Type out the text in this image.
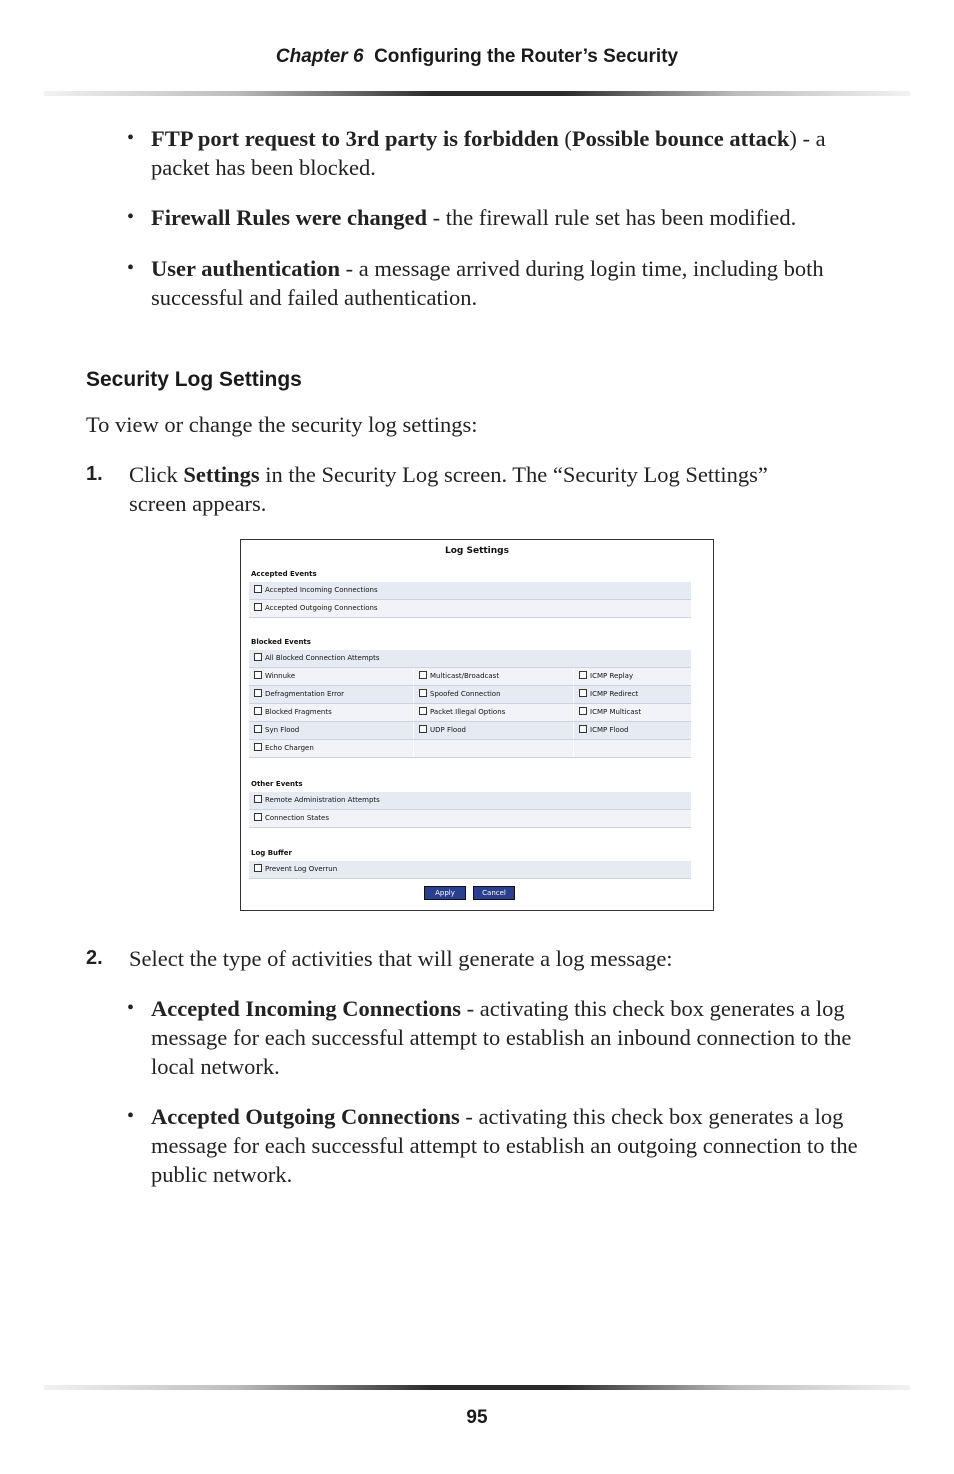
Chapter 6 Configuring the Router’s Security
• FTP port request to 3rd party is forbidden (Possible bounce attack) - a packet has been blocked.
• Firewall Rules were changed - the firewall rule set has been modified.
• User authentication - a message arrived during login time, including both successful and failed authentication.
Security Log Settings
To view or change the security log settings:
1. Click Settings in the Security Log screen. The “Security Log Settings” screen appears.
Log Settings
Accepted Events
Accepted Incoming Connections
Accepted Outgoing Connections
Blocked Events
All Blocked Connection Attempts
Winnuke	Multicast/Broadcast	ICMP Replay
Defragmentation Error	Spoofed Connection	ICMP Redirect
Blocked Fragments	Packet Illegal Options	ICMP Multicast
Syn Flood	UDP Flood	ICMP Flood
Echo Chargen
Other Events
Remote Administration Attempts
Connection States
Log Buffer
Prevent Log Overrun
Apply	Cancel
2. Select the type of activities that will generate a log message:
• Accepted Incoming Connections - activating this check box generates a log message for each successful attempt to establish an inbound connection to the local network.
• Accepted Outgoing Connections - activating this check box generates a log message for each successful attempt to establish an outgoing connection to the public network.
95
